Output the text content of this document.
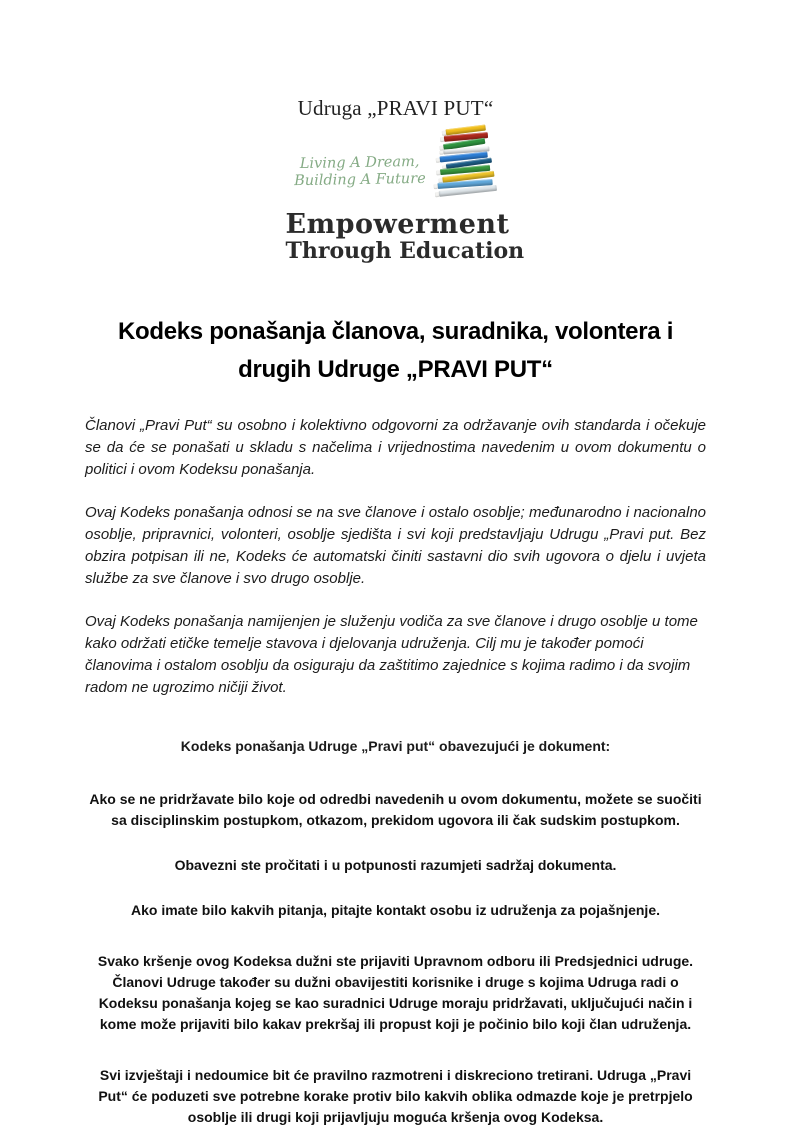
Udruga „PRAVI PUT“
Living A Dream,
Building A Future
Empowerment
Through Education
Kodeks ponašanja članova, suradnika, volontera i
drugih Udruge „PRAVI PUT“

Članovi „Pravi Put“ su osobno i kolektivno odgovorni za održavanje ovih standarda i očekuje se da će se ponašati u skladu s načelima i vrijednostima navedenim u ovom dokumentu o politici i ovom Kodeksu ponašanja.

Ovaj Kodeks ponašanja odnosi se na sve članove i ostalo osoblje; međunarodno i nacionalno osoblje, pripravnici, volonteri, osoblje sjedišta i svi koji predstavljaju Udrugu „Pravi put. Bez obzira potpisan ili ne, Kodeks će automatski činiti sastavni dio svih ugovora o djelu i uvjeta službe za sve članove i svo drugo osoblje.

Ovaj Kodeks ponašanja namijenjen je služenju vodiča za sve članove i drugo osoblje u tome kako održati etičke temelje stavova i djelovanja udruženja. Cilj mu je također pomoći članovima i ostalom osoblju da osiguraju da zaštitimo zajednice s kojima radimo i da svojim radom ne ugrozimo ničiji život.

Kodeks ponašanja Udruge „Pravi put“ obavezujući je dokument:

Ako se ne pridržavate bilo koje od odredbi navedenih u ovom dokumentu, možete se suočiti sa disciplinskim postupkom, otkazom, prekidom ugovora ili čak sudskim postupkom.

Obavezni ste pročitati i u potpunosti razumjeti sadržaj dokumenta.

Ako imate bilo kakvih pitanja, pitajte kontakt osobu iz udruženja za pojašnjenje.

Svako kršenje ovog Kodeksa dužni ste prijaviti Upravnom odboru ili Predsjednici udruge. Članovi Udruge također su dužni obavijestiti korisnike i druge s kojima Udruga radi o Kodeksu ponašanja kojeg se kao suradnici Udruge moraju pridržavati, uključujući način i kome može prijaviti bilo kakav prekršaj ili propust koji je počinio bilo koji član udruženja.

Svi izvještaji i nedoumice bit će pravilno razmotreni i diskreciono tretirani. Udruga „Pravi Put“ će poduzeti sve potrebne korake protiv bilo kakvih oblika odmazde koje je pretrpjelo osoblje ili drugi koji prijavljuju moguća kršenja ovog Kodeksa.
